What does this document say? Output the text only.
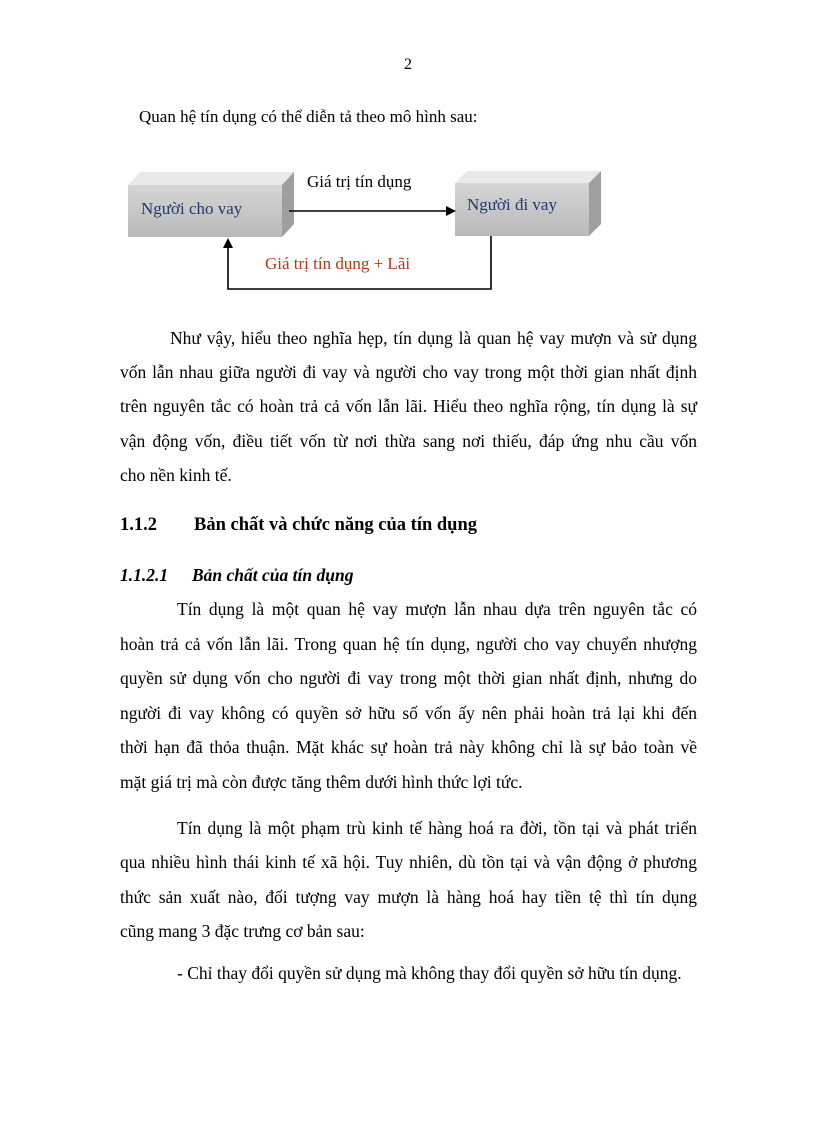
2
Quan hệ tín dụng có thể diễn tả theo mô hình sau:
Người cho vay	Người đi vay
Giá trị tín dụng
Giá trị tín dụng + Lãi
Như vậy, hiểu theo nghĩa hẹp, tín dụng là quan hệ vay mượn và sử dụng
vốn lẫn nhau giữa người đi vay và người cho vay trong một thời gian nhất định
trên nguyên tắc có hoàn trả cả vốn lẫn lãi. Hiểu theo nghĩa rộng, tín dụng là sự
vận động vốn, điều tiết vốn từ nơi thừa sang nơi thiếu, đáp ứng nhu cầu vốn
cho nền kinh tế.
1.1.2 Bản chất và chức năng của tín dụng
1.1.2.1 Bản chất của tín dụng
Tín dụng là một quan hệ vay mượn lẫn nhau dựa trên nguyên tắc có
hoàn trả cả vốn lẫn lãi. Trong quan hệ tín dụng, người cho vay chuyển nhượng
quyền sử dụng vốn cho người đi vay trong một thời gian nhất định, nhưng do
người đi vay không có quyền sở hữu số vốn ấy nên phải hoàn trả lại khi đến
thời hạn đã thỏa thuận. Mặt khác sự hoàn trả này không chỉ là sự bảo toàn về
mặt giá trị mà còn được tăng thêm dưới hình thức lợi tức.
Tín dụng là một phạm trù kinh tế hàng hoá ra đời, tồn tại và phát triển
qua nhiều hình thái kinh tế xã hội. Tuy nhiên, dù tồn tại và vận động ở phương
thức sản xuất nào, đối tượng vay mượn là hàng hoá hay tiền tệ thì tín dụng
cũng mang 3 đặc trưng cơ bản sau:
- Chỉ thay đổi quyền sử dụng mà không thay đổi quyền sở hữu tín dụng.
